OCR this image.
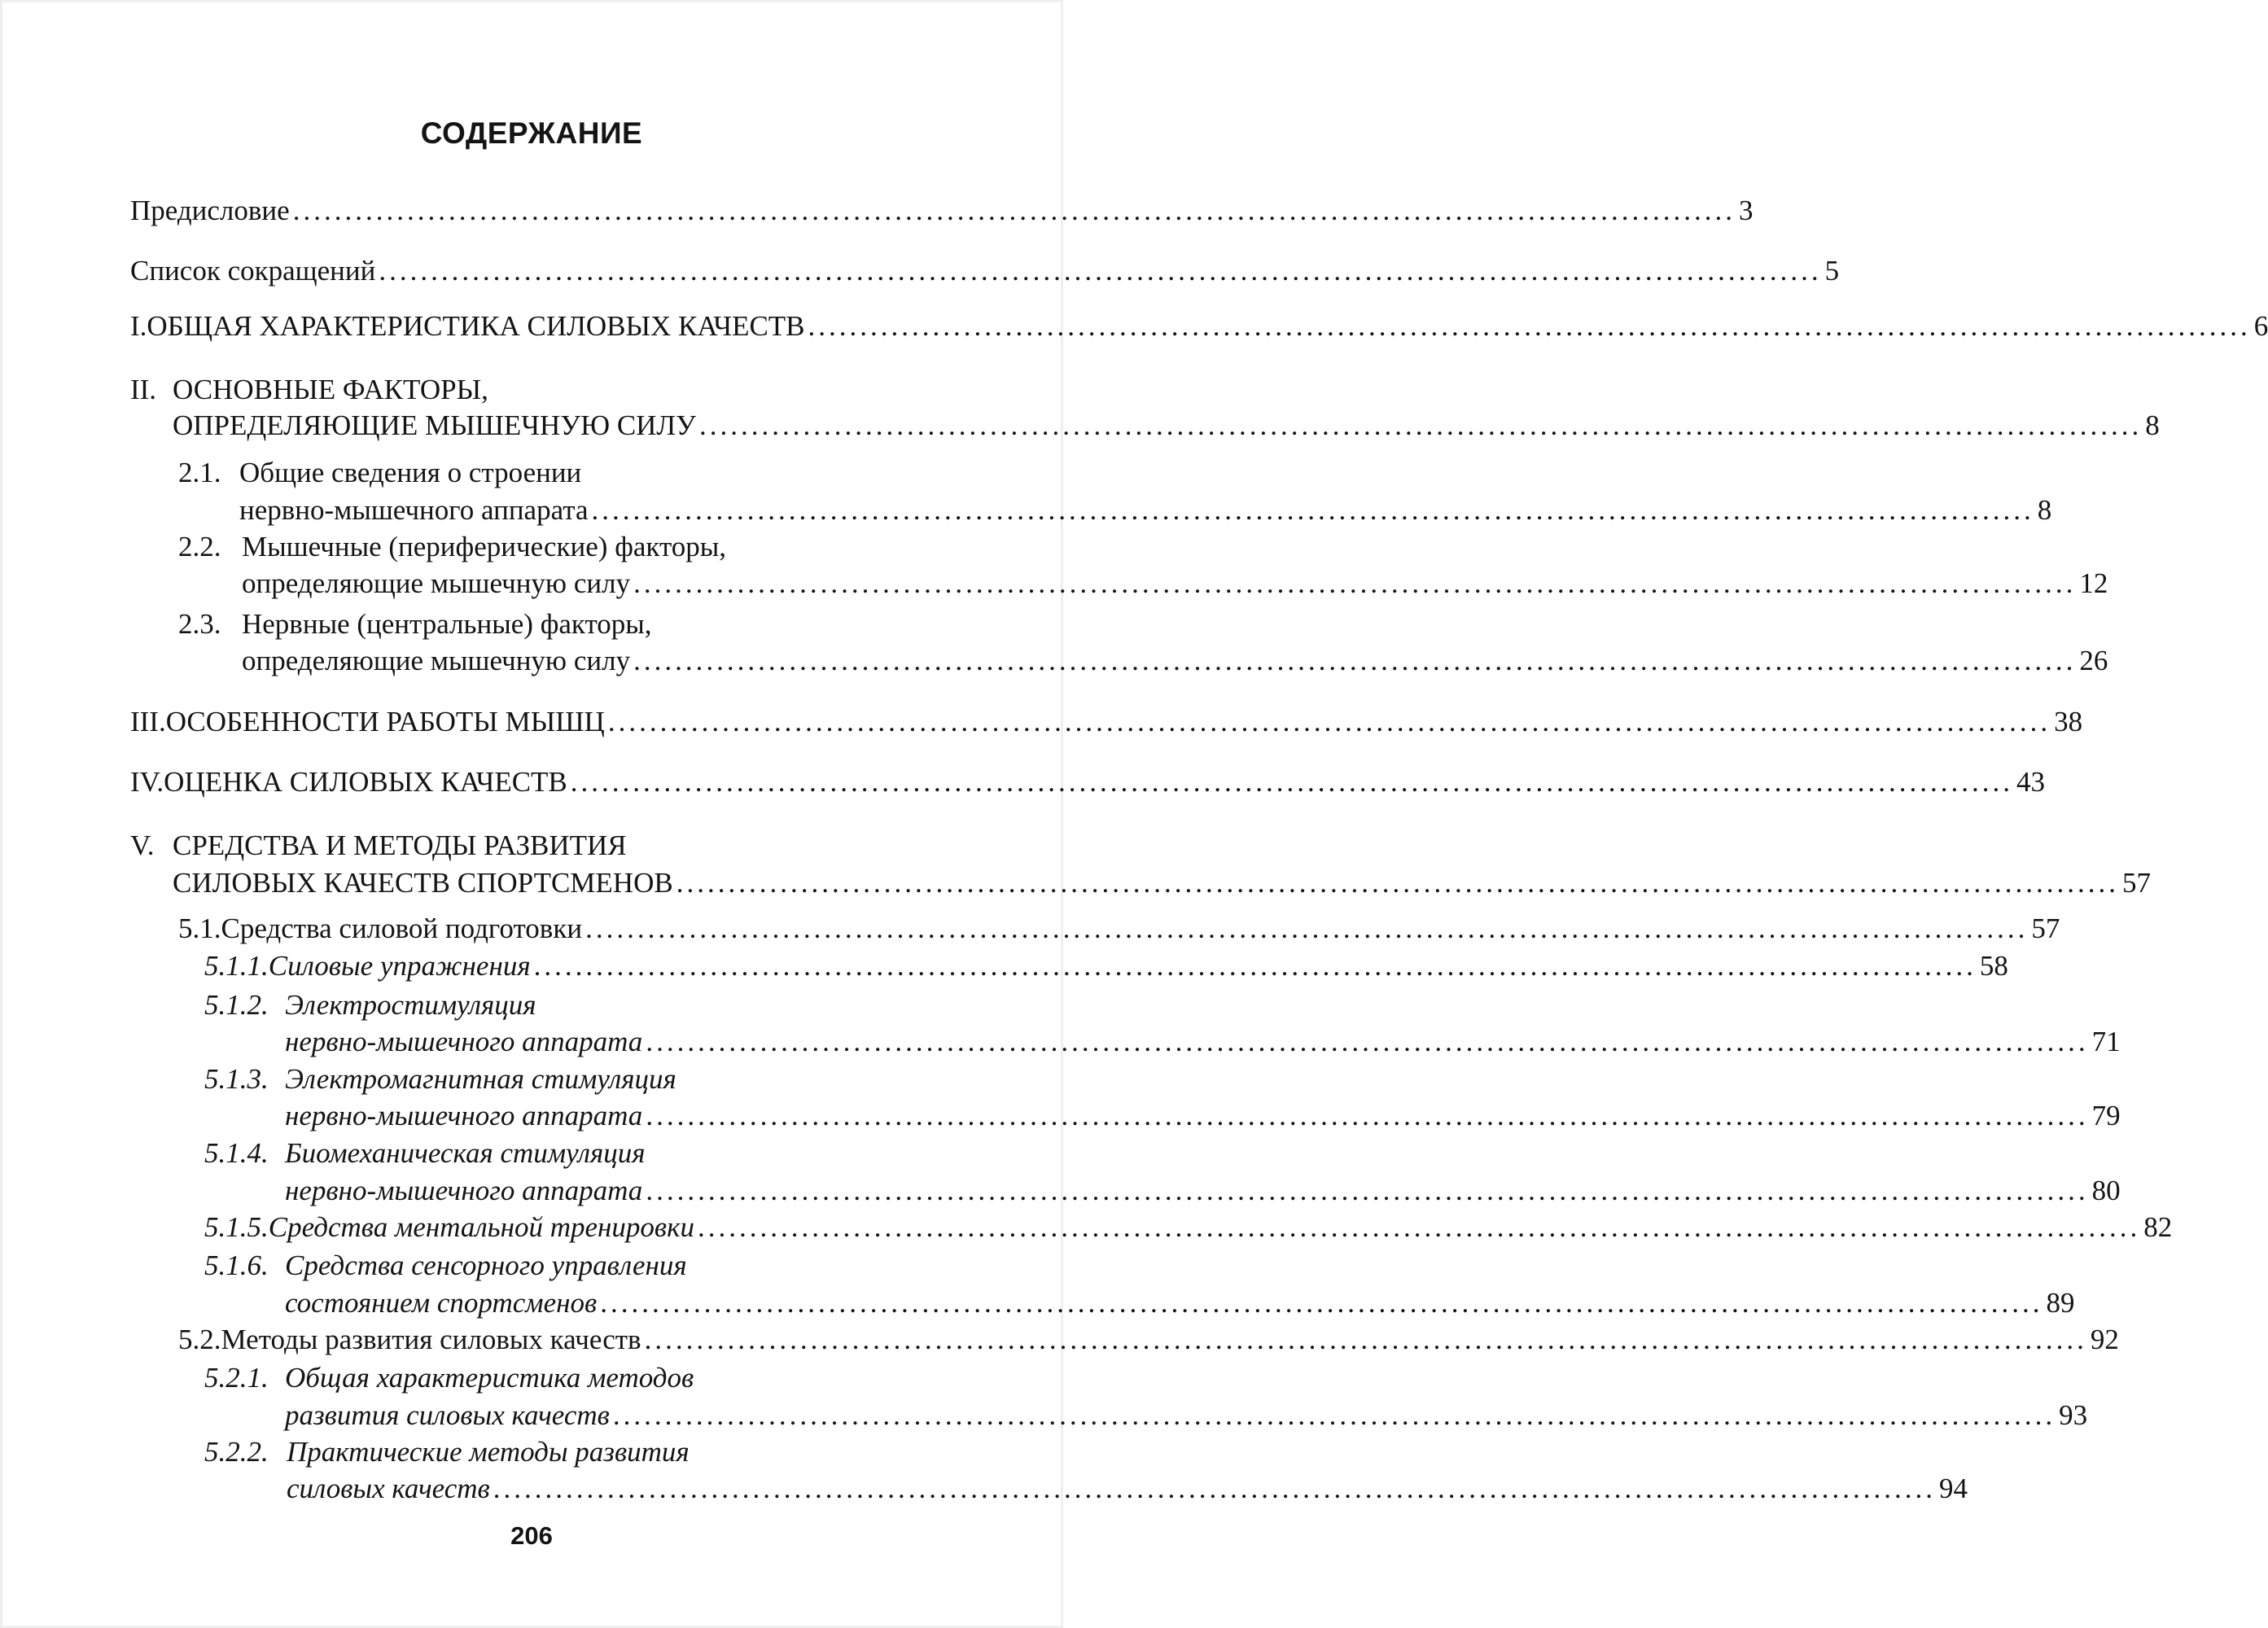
СОДЕРЖАНИЕ
Предисловие ........................................................................................................................................... 3
Список сокращений ........................................................................................................................................... 5
I. ОБЩАЯ ХАРАКТЕРИСТИКА СИЛОВЫХ КАЧЕСТВ ........................................................................................................................................... 6
II. ОСНОВНЫЕ ФАКТОРЫ,
ОПРЕДЕЛЯЮЩИЕ МЫШЕЧНУЮ СИЛУ ........................................................................................................................................... 8
2.1. Общие сведения о строении
нервно-мышечного аппарата ........................................................................................................................................... 8
2.2. Мышечные (периферические) факторы,
определяющие мышечную силу ........................................................................................................................................... 12
2.3. Нервные (центральные) факторы,
определяющие мышечную силу ........................................................................................................................................... 26
III. ОСОБЕННОСТИ РАБОТЫ МЫШЦ ........................................................................................................................................... 38
IV. ОЦЕНКА СИЛОВЫХ КАЧЕСТВ ........................................................................................................................................... 43
V. СРЕДСТВА И МЕТОДЫ РАЗВИТИЯ
СИЛОВЫХ КАЧЕСТВ СПОРТСМЕНОВ ........................................................................................................................................... 57
5.1. Средства силовой подготовки ........................................................................................................................................... 57
5.1.1. Силовые упражнения ........................................................................................................................................... 58
5.1.2. Электростимуляция
нервно-мышечного аппарата ........................................................................................................................................... 71
5.1.3. Электромагнитная стимуляция
нервно-мышечного аппарата ........................................................................................................................................... 79
5.1.4. Биомеханическая стимуляция
нервно-мышечного аппарата ........................................................................................................................................... 80
5.1.5. Средства ментальной тренировки ........................................................................................................................................... 82
5.1.6. Средства сенсорного управления
состоянием спортсменов ........................................................................................................................................... 89
5.2. Методы развития силовых качеств ........................................................................................................................................... 92
5.2.1. Общая характеристика методов
развития силовых качеств ........................................................................................................................................... 93
5.2.2. Практические методы развития
силовых качеств ........................................................................................................................................... 94
206
